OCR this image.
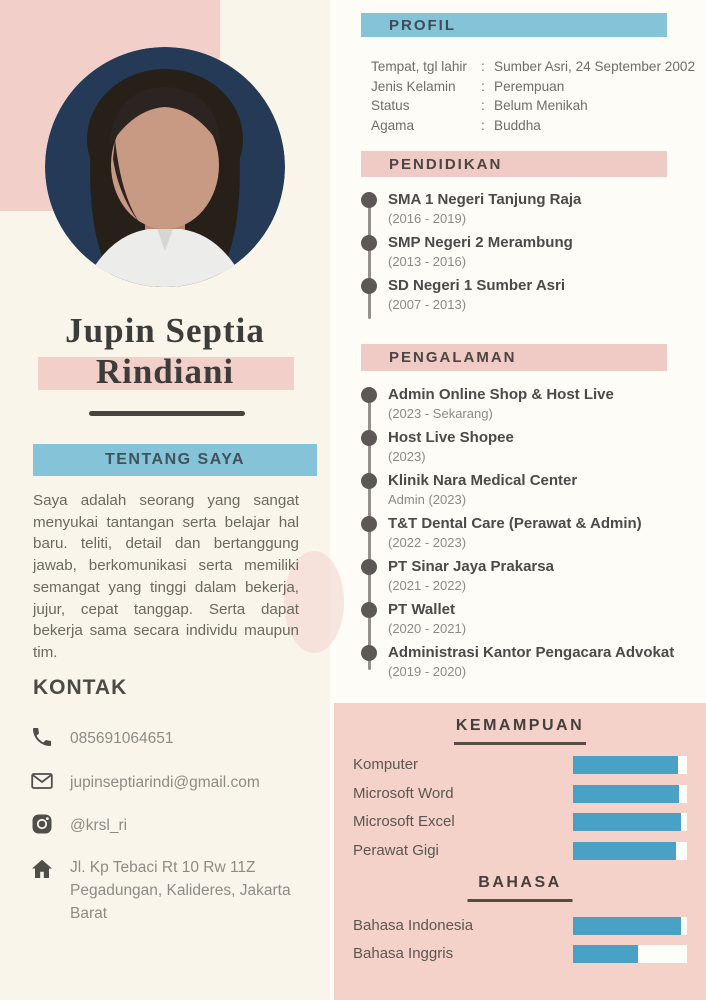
Jupin Septia
Rindiani
TENTANG SAYA
Saya adalah seorang yang sangat menyukai tantangan serta belajar hal baru. teliti, detail dan bertanggung jawab, berkomunikasi serta memiliki semangat yang tinggi dalam bekerja, jujur, cepat tanggap. Serta dapat bekerja sama secara individu maupun tim.
KONTAK
085691064651
jupinseptiarindi@gmail.com
@krsl_ri
Jl. Kp Tebaci Rt 10 Rw 11Z Pegadungan, Kalideres, Jakarta Barat
PROFIL
Tempat, tgl lahir	: Sumber Asri, 24 September 2002
Jenis Kelamin	: Perempuan
Status	: Belum Menikah
Agama	: Buddha
PENDIDIKAN
SMA 1 Negeri Tanjung Raja
(2016 - 2019)
SMP Negeri 2 Merambung
(2013 - 2016)
SD Negeri 1 Sumber Asri
(2007 - 2013)
PENGALAMAN
Admin Online Shop & Host Live
(2023 - Sekarang)
Host Live Shopee
(2023)
Klinik Nara Medical Center
Admin (2023)
T&T Dental Care (Perawat & Admin)
(2022 - 2023)
PT Sinar Jaya Prakarsa
(2021 - 2022)
PT Wallet
(2020 - 2021)
Administrasi Kantor Pengacara Advokat
(2019 - 2020)
KEMAMPUAN
Komputer
Microsoft Word
Microsoft Excel
Perawat Gigi
BAHASA
Bahasa Indonesia
Bahasa Inggris
